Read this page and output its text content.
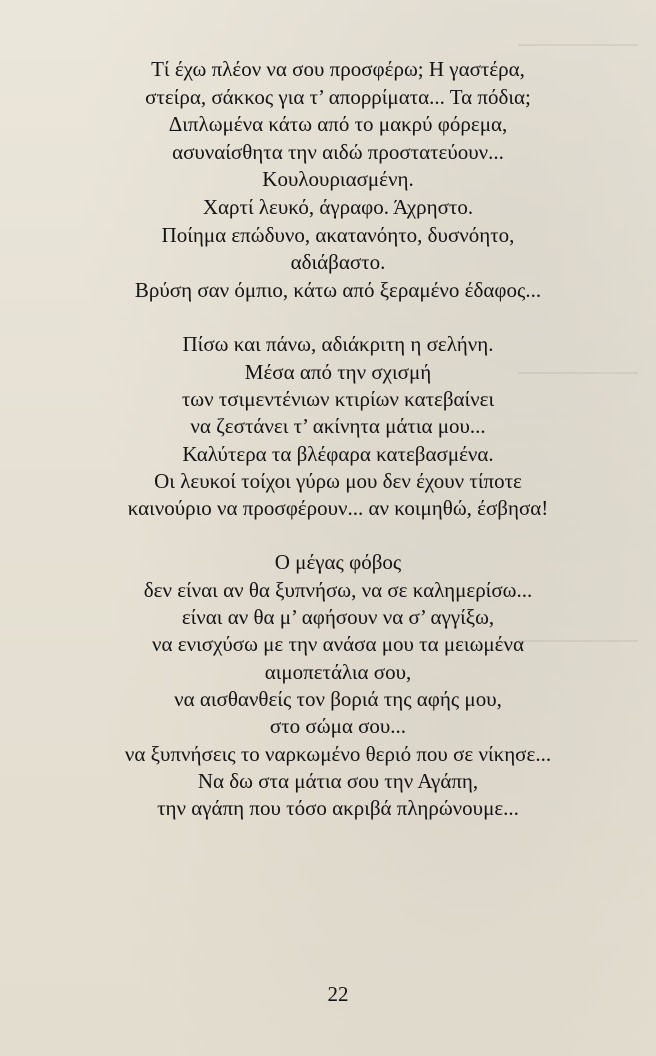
Τί έχω πλέον να σου προσφέρω; Η γαστέρα,
στείρα, σάκκος για τ’ απορρίματα... Τα πόδια;
Διπλωμένα κάτω από το μακρύ φόρεμα,
ασυναίσθητα την αιδώ προστατεύουν...
Κουλουριασμένη.
Χαρτί λευκό, άγραφο. Άχρηστο.
Ποίημα επώδυνο, ακατανόητο, δυσνόητο,
αδιάβαστο.
Βρύση σαν όμπιο, κάτω από ξεραμένο έδαφος...
Πίσω και πάνω, αδιάκριτη η σελήνη.
Μέσα από την σχισμή
των τσιμεντένιων κτιρίων κατεβαίνει
να ζεστάνει τ’ ακίνητα μάτια μου...
Καλύτερα τα βλέφαρα κατεβασμένα.
Οι λευκοί τοίχοι γύρω μου δεν έχουν τίποτε
καινούριο να προσφέρουν... αν κοιμηθώ, έσβησα!
Ο μέγας φόβος
δεν είναι αν θα ξυπνήσω, να σε καλημερίσω...
είναι αν θα μ’ αφήσουν να σ’ αγγίξω,
να ενισχύσω με την ανάσα μου τα μειωμένα
αιμοπετάλια σου,
να αισθανθείς τον βοριά της αφής μου,
στο σώμα σου...
να ξυπνήσεις το ναρκωμένο θεριό που σε νίκησε...
Να δω στα μάτια σου την Αγάπη,
την αγάπη που τόσο ακριβά πληρώνουμε...
22
